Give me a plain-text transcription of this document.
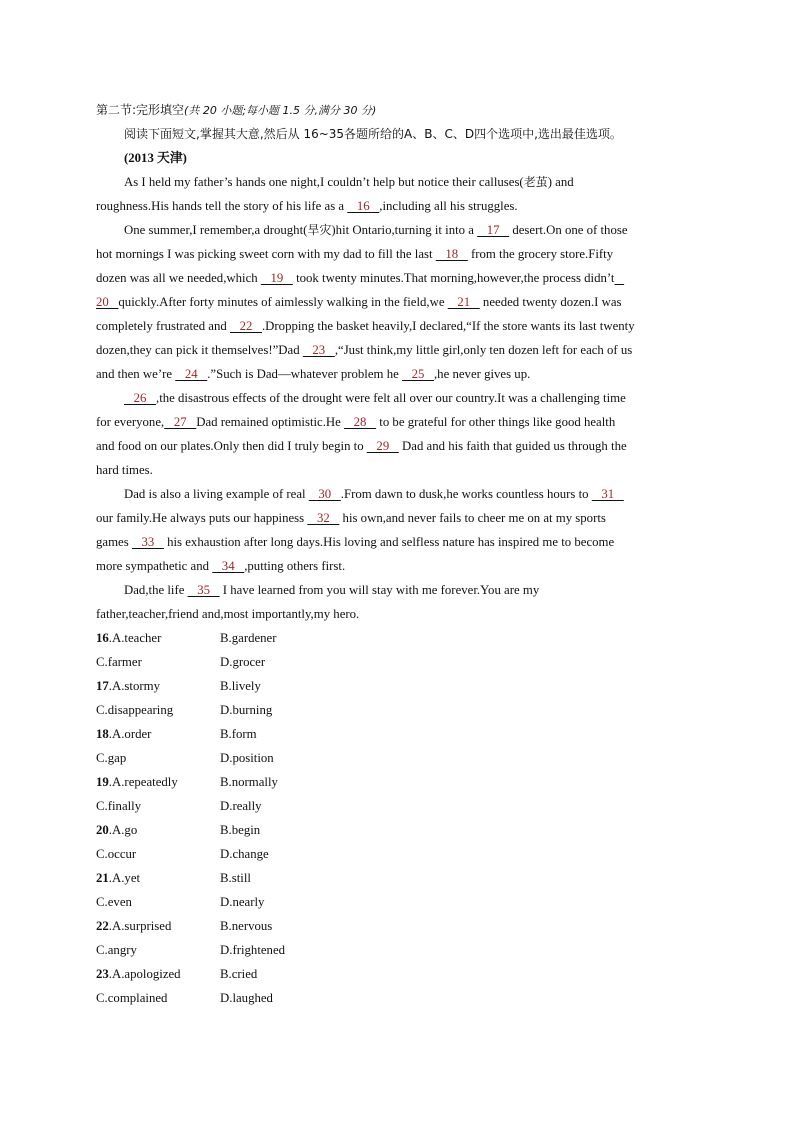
第二节:完形填空(共 20 小题;每小题 1.5 分,满分 30 分)
阅读下面短文,掌握其大意,然后从 16~35各题所给的A、B、C、D四个选项中,选出最佳选项。
(2013 天津)
As I held my father’s hands one night,I couldn’t help but notice their calluses(老茧) and
roughness.His hands tell the story of his life as a    16   ,including all his struggles.
One summer,I remember,a drought(旱灾)hit Ontario,turning it into a    17    desert.On one of those
hot mornings I was picking sweet corn with my dad to fill the last    18    from the grocery store.Fifty
dozen was all we needed,which    19    took twenty minutes.That morning,however,the process didn’t
20   quickly.After forty minutes of aimlessly walking in the field,we    21    needed twenty dozen.I was
completely frustrated and    22   .Dropping the basket heavily,I declared,“If the store wants its last twenty
dozen,they can pick it themselves!”Dad    23   ,“Just think,my little girl,only ten dozen left for each of us
and then we’re    24   .”Such is Dad—whatever problem he    25   ,he never gives up.
26   ,the disastrous effects of the drought were felt all over our country.It was a challenging time
for everyone,   27   Dad remained optimistic.He    28    to be grateful for other things like good health
and food on our plates.Only then did I truly begin to    29    Dad and his faith that guided us through the
hard times.
Dad is also a living example of real    30   .From dawn to dusk,he works countless hours to    31
our family.He always puts our happiness    32    his own,and never fails to cheer me on at my sports
games    33    his exhaustion after long days.His loving and selfless nature has inspired me to become
more sympathetic and    34   ,putting others first.
Dad,the life    35    I have learned from you will stay with me forever.You are my
father,teacher,friend and,most importantly,my hero.
16.A.teacher	B.gardener
C.farmer	D.grocer
17.A.stormy	B.lively
C.disappearing	D.burning
18.A.order	B.form
C.gap	D.position
19.A.repeatedly	B.normally
C.finally	D.really
20.A.go	B.begin
C.occur	D.change
21.A.yet	B.still
C.even	D.nearly
22.A.surprised	B.nervous
C.angry	D.frightened
23.A.apologized	B.cried
C.complained	D.laughed
